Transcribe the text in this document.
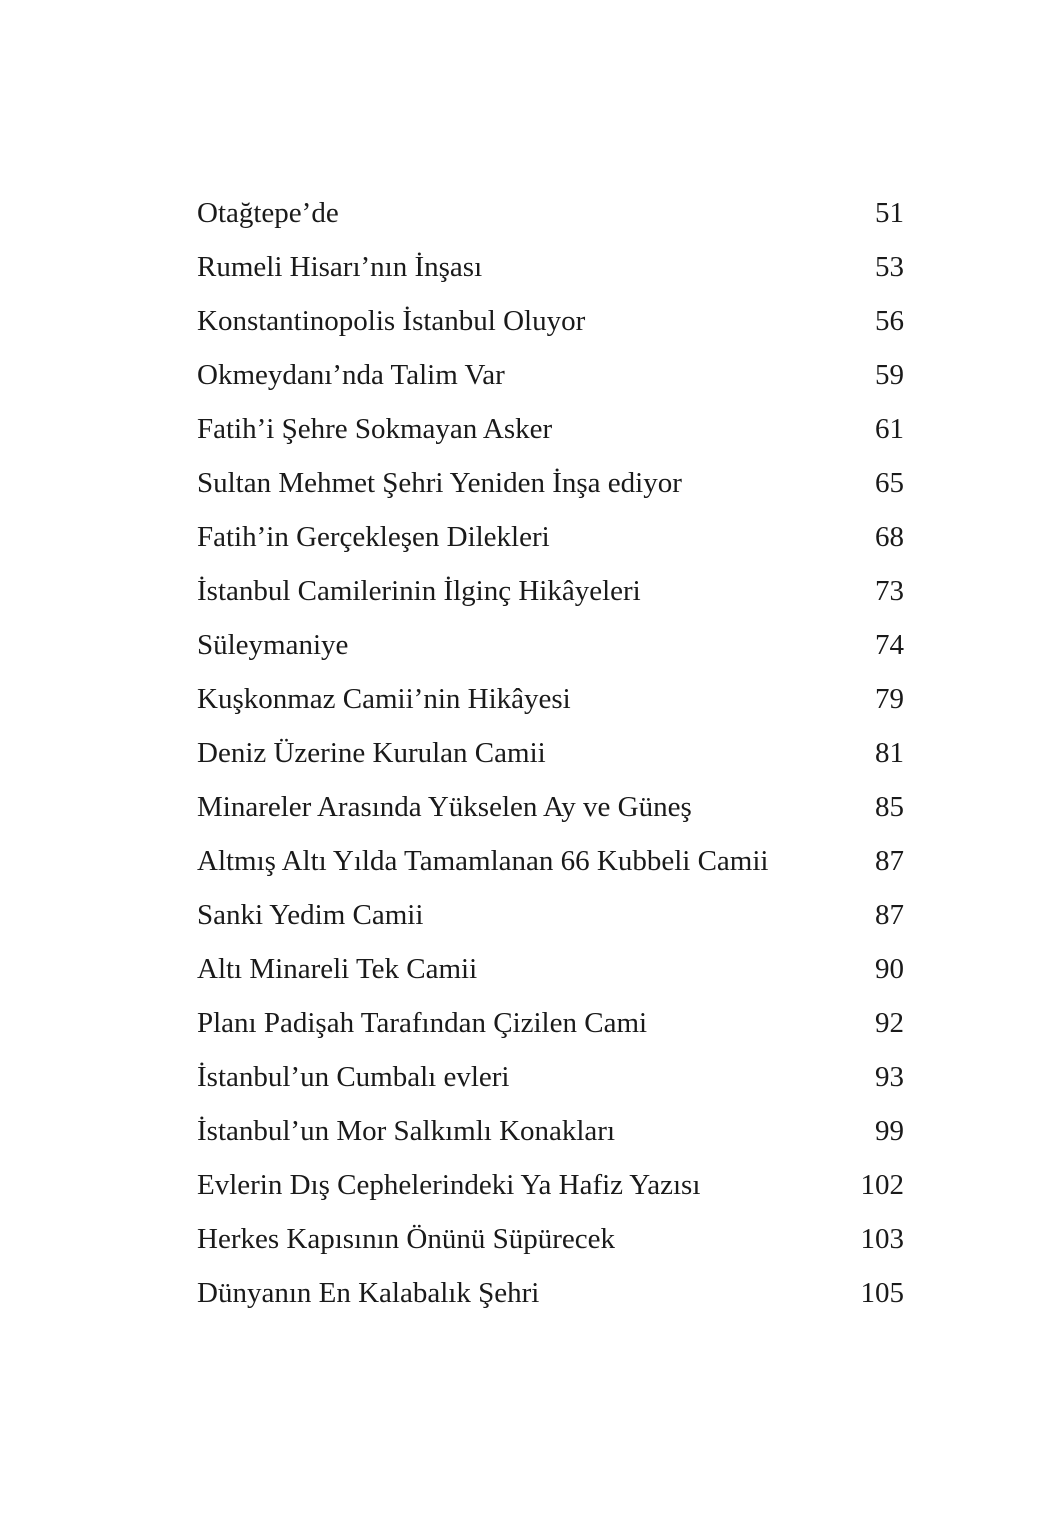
Otağtepe’de	51
Rumeli Hisarı’nın İnşası	53
Konstantinopolis İstanbul Oluyor	56
Okmeydanı’nda Talim Var	59
Fatih’i Şehre Sokmayan Asker	61
Sultan Mehmet Şehri Yeniden İnşa ediyor	65
Fatih’in Gerçekleşen Dilekleri	68
İstanbul Camilerinin İlginç Hikâyeleri	73
Süleymaniye	74
Kuşkonmaz Camii’nin Hikâyesi	79
Deniz Üzerine Kurulan Camii	81
Minareler Arasında Yükselen Ay ve Güneş	85
Altmış Altı Yılda Tamamlanan 66 Kubbeli Camii	87
Sanki Yedim Camii	87
Altı Minareli Tek Camii	90
Planı Padişah Tarafından Çizilen Cami	92
İstanbul’un Cumbalı evleri	93
İstanbul’un Mor Salkımlı Konakları	99
Evlerin Dış Cephelerindeki Ya Hafiz Yazısı	102
Herkes Kapısının Önünü Süpürecek	103
Dünyanın En Kalabalık Şehri	105
